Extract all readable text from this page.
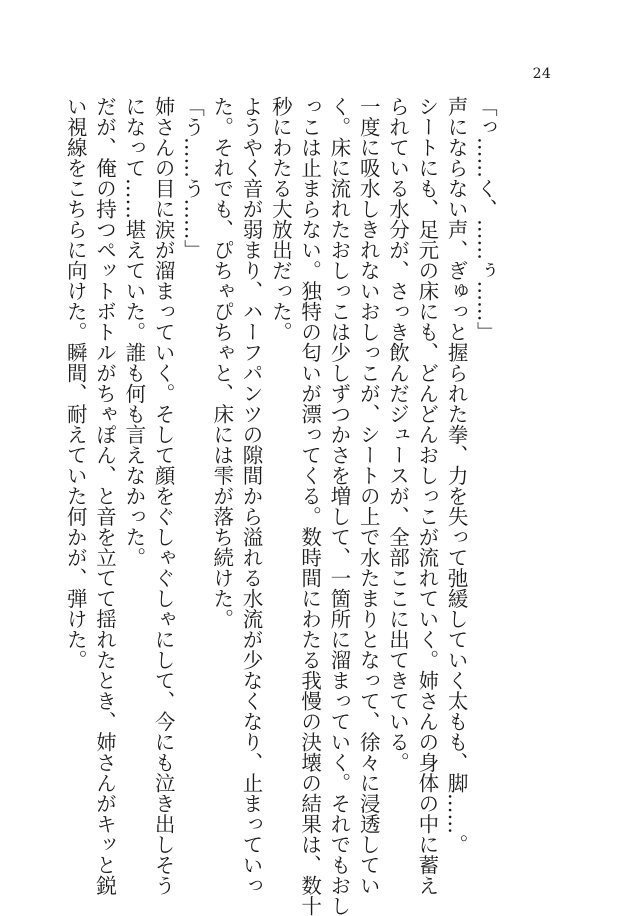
24

「っ……く、……ぅ……」
声にならない声、ぎゅっと握られた拳、力を失って弛緩していく太もも、脚……。
シートにも、足元の床にも、どんどんおしっこが流れていく。姉さんの身体の中に蓄え
られている水分が、さっき飲んだジュースが、全部ここに出てきている。
一度に吸水しきれないおしっこが、シートの上で水たまりとなって、徐々に浸透してい
く。床に流れたおしっこは少しずつかさを増して、一箇所に溜まっていく。それでもおし
っこは止まらない。独特の匂いが漂ってくる。数時間にわたる我慢の決壊の結果は、数十
秒にわたる大放出だった。
ようやく音が弱まり、ハーフパンツの隙間から溢れる水流が少なくなり、止まっていっ
た。それでも、ぴちゃぴちゃと、床には雫が落ち続けた。
「う……う……」
姉さんの目に涙が溜まっていく。そして顔をぐしゃぐしゃにして、今にも泣き出しそう
になって……堪えていた。誰も何も言えなかった。
だが、俺の持つペットボトルがちゃぽん、と音を立てて揺れたとき、姉さんがキッと鋭
い視線をこちらに向けた。瞬間、耐えていた何かが、弾けた。
